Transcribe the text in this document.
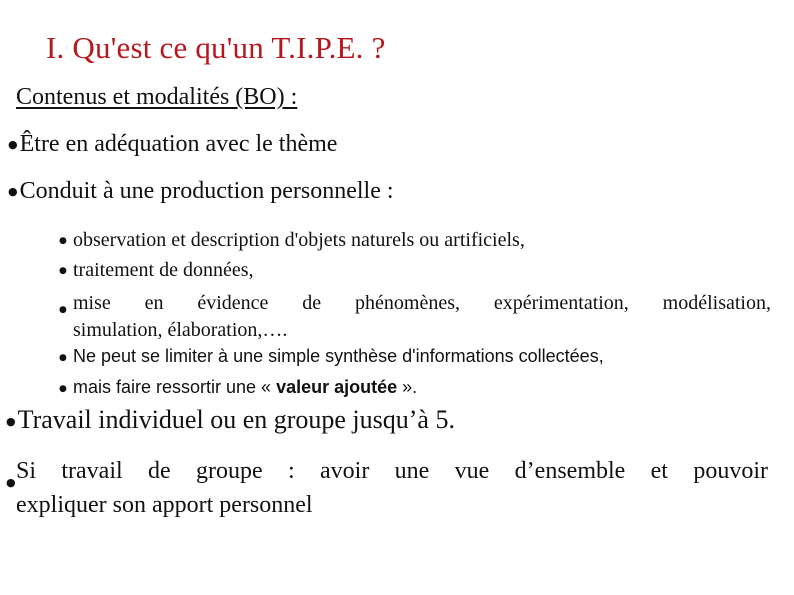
I. Qu'est ce qu'un T.I.P.E. ?
Contenus et modalités (BO) :
● Être en adéquation avec le thème
● Conduit à une production personnelle :
● observation et description d'objets naturels ou artificiels,
● traitement de données,
● mise en évidence de phénomènes, expérimentation, modélisation,
simulation, élaboration,….
● Ne peut se limiter à une simple synthèse d'informations collectées,
● mais faire ressortir une « valeur ajoutée ».
● Travail individuel ou en groupe jusqu’à 5.
● Si travail de groupe : avoir une vue d’ensemble et pouvoir
expliquer son apport personnel
